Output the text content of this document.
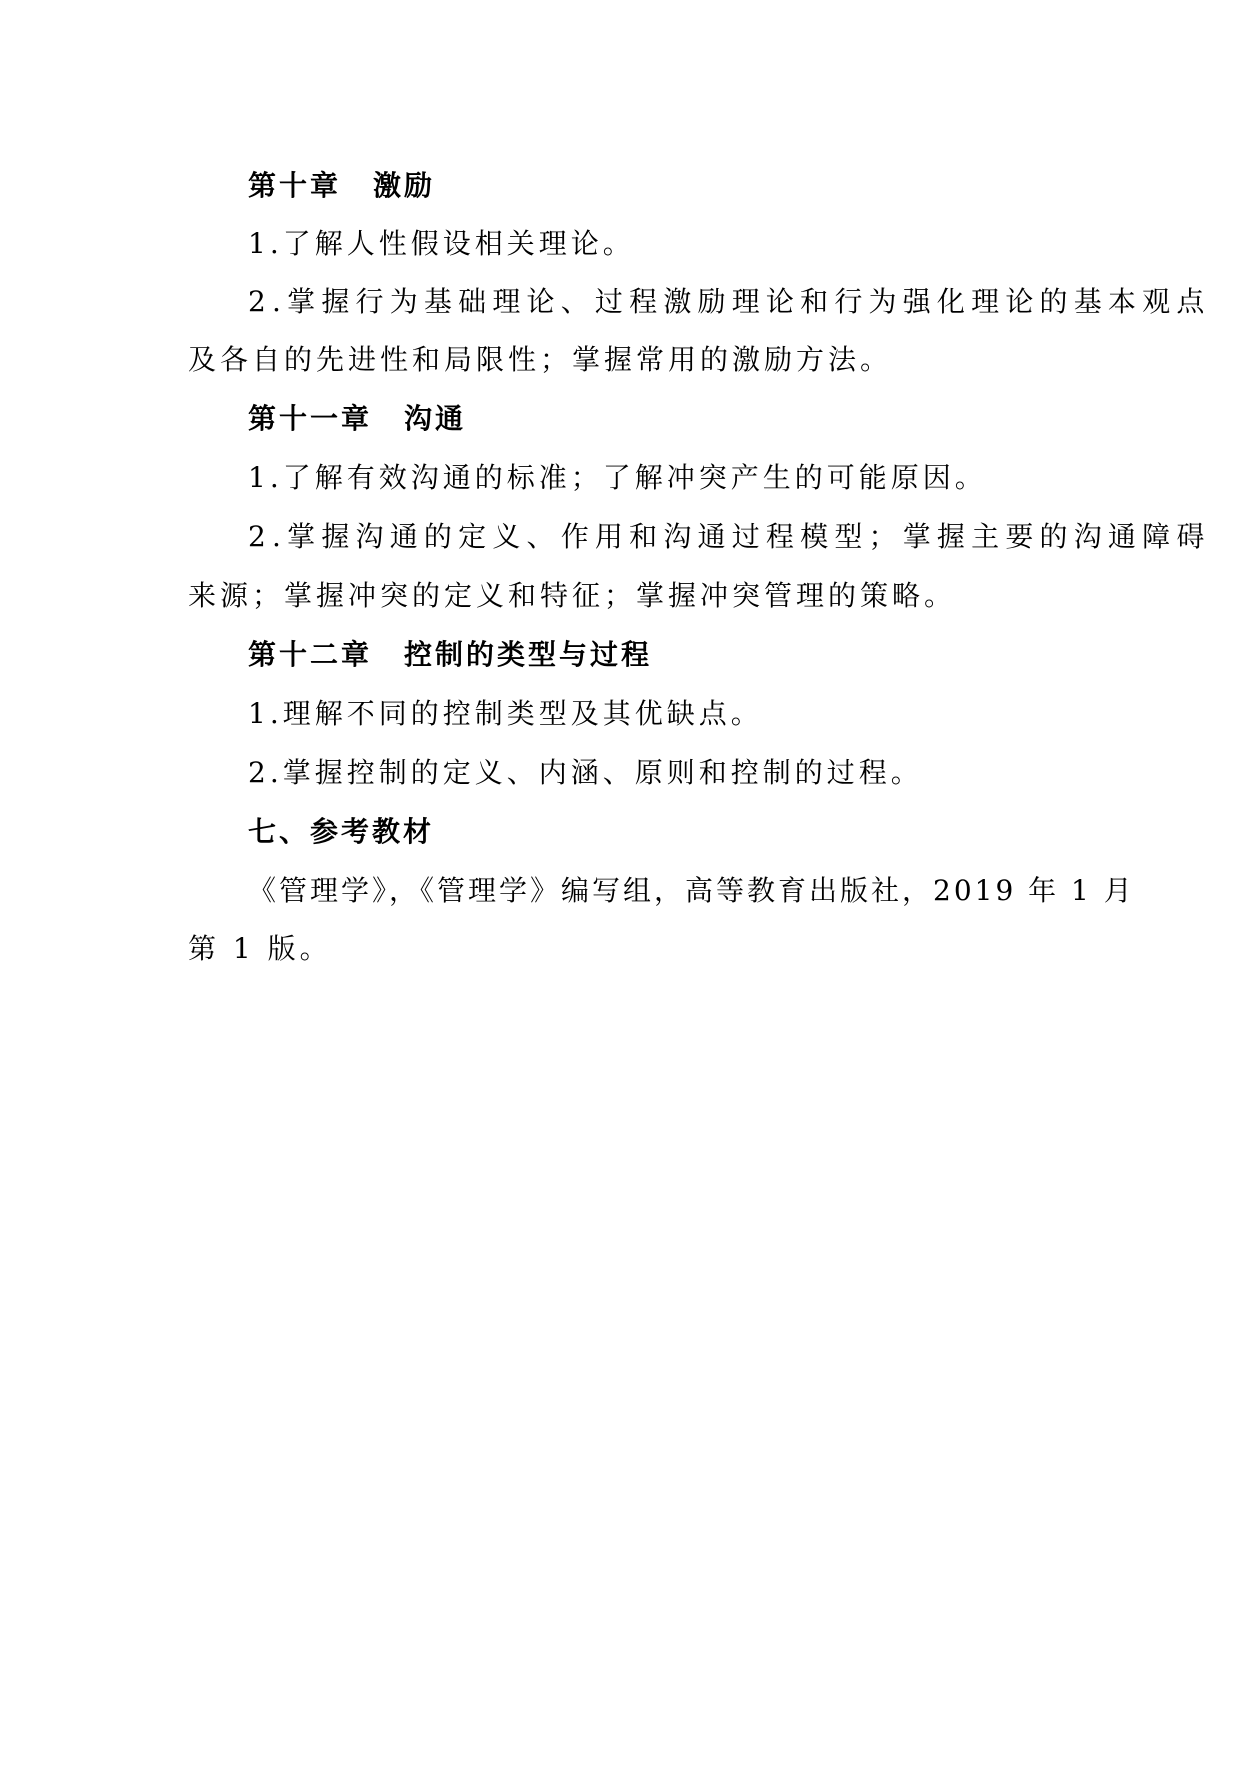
第十章 激励
1.了解人性假设相关理论。
2.掌握行为基础理论、过程激励理论和行为强化理论的基本观点
及各自的先进性和局限性；掌握常用的激励方法。
第十一章 沟通
1.了解有效沟通的标准；了解冲突产生的可能原因。
2.掌握沟通的定义、作用和沟通过程模型；掌握主要的沟通障碍
来源；掌握冲突的定义和特征；掌握冲突管理的策略。
第十二章 控制的类型与过程
1.理解不同的控制类型及其优缺点。
2.掌握控制的定义、内涵、原则和控制的过程。
七、参考教材
《管理学》，《管理学》编写组，高等教育出版社，2019 年 1 月
第 1 版。
